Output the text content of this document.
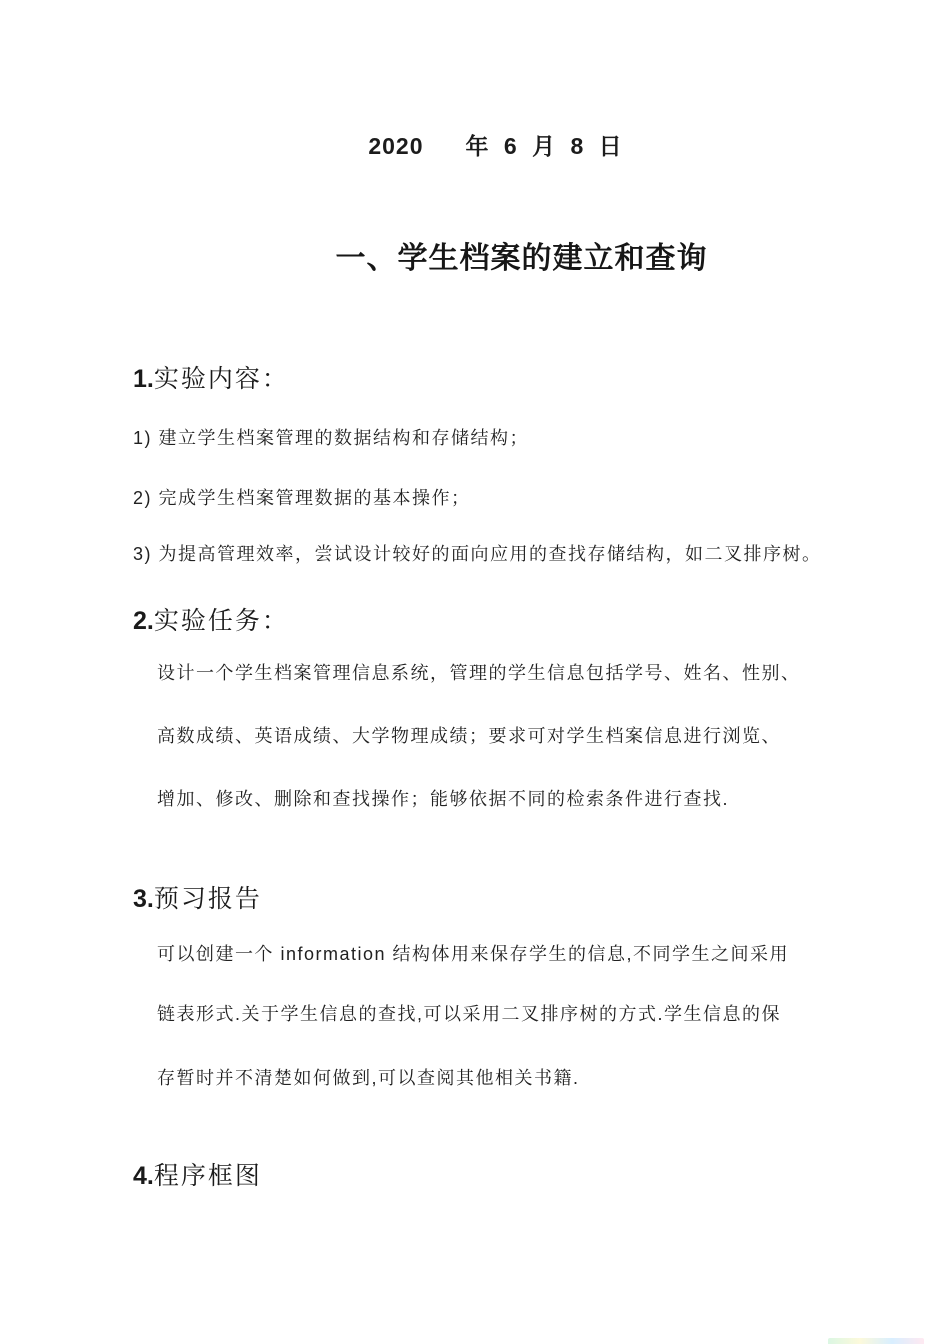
2020 年 6 月 8 日
一、学生档案的建立和查询
1.实验内容：
1) 建立学生档案管理的数据结构和存储结构；
2) 完成学生档案管理数据的基本操作；
3) 为提高管理效率，尝试设计较好的面向应用的查找存储结构，如二叉排序树。
2.实验任务：
设计一个学生档案管理信息系统，管理的学生信息包括学号、姓名、性别、
高数成绩、英语成绩、大学物理成绩；要求可对学生档案信息进行浏览、
增加、修改、删除和查找操作；能够依据不同的检索条件进行查找.
3.预习报告
可以创建一个 information 结构体用来保存学生的信息,不同学生之间采用
链表形式.关于学生信息的查找,可以采用二叉排序树的方式.学生信息的保
存暂时并不清楚如何做到,可以查阅其他相关书籍.
4.程序框图
